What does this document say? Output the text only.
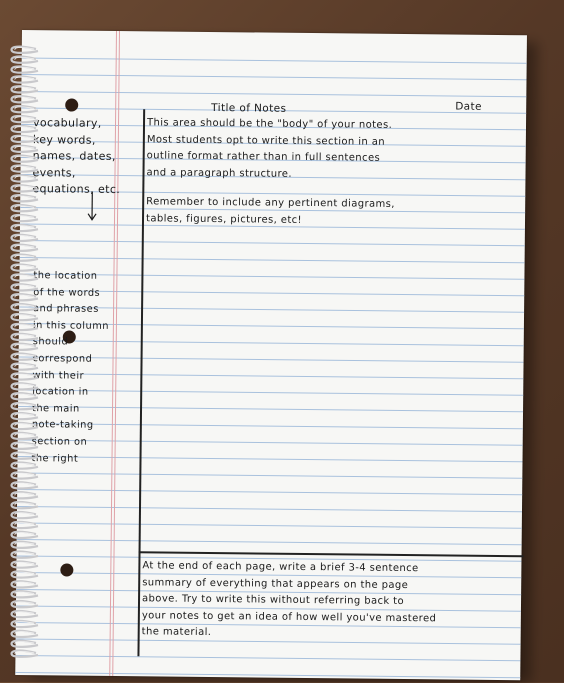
Title of Notes	Date
vocabulary,
key words,
names, dates,
events,
equations, etc.
the location
of the words
and phrases
in this column
should
correspond
with their
location in
the main
note-taking
section on
the right
This area should be the "body" of your notes.
Most students opt to write this section in an
outline format rather than in full sentences
and a paragraph structure.
Remember to include any pertinent diagrams,
tables, figures, pictures, etc!
At the end of each page, write a brief 3-4 sentence
summary of everything that appears on the page
above. Try to write this without referring back to
your notes to get an idea of how well you've mastered
the material.
